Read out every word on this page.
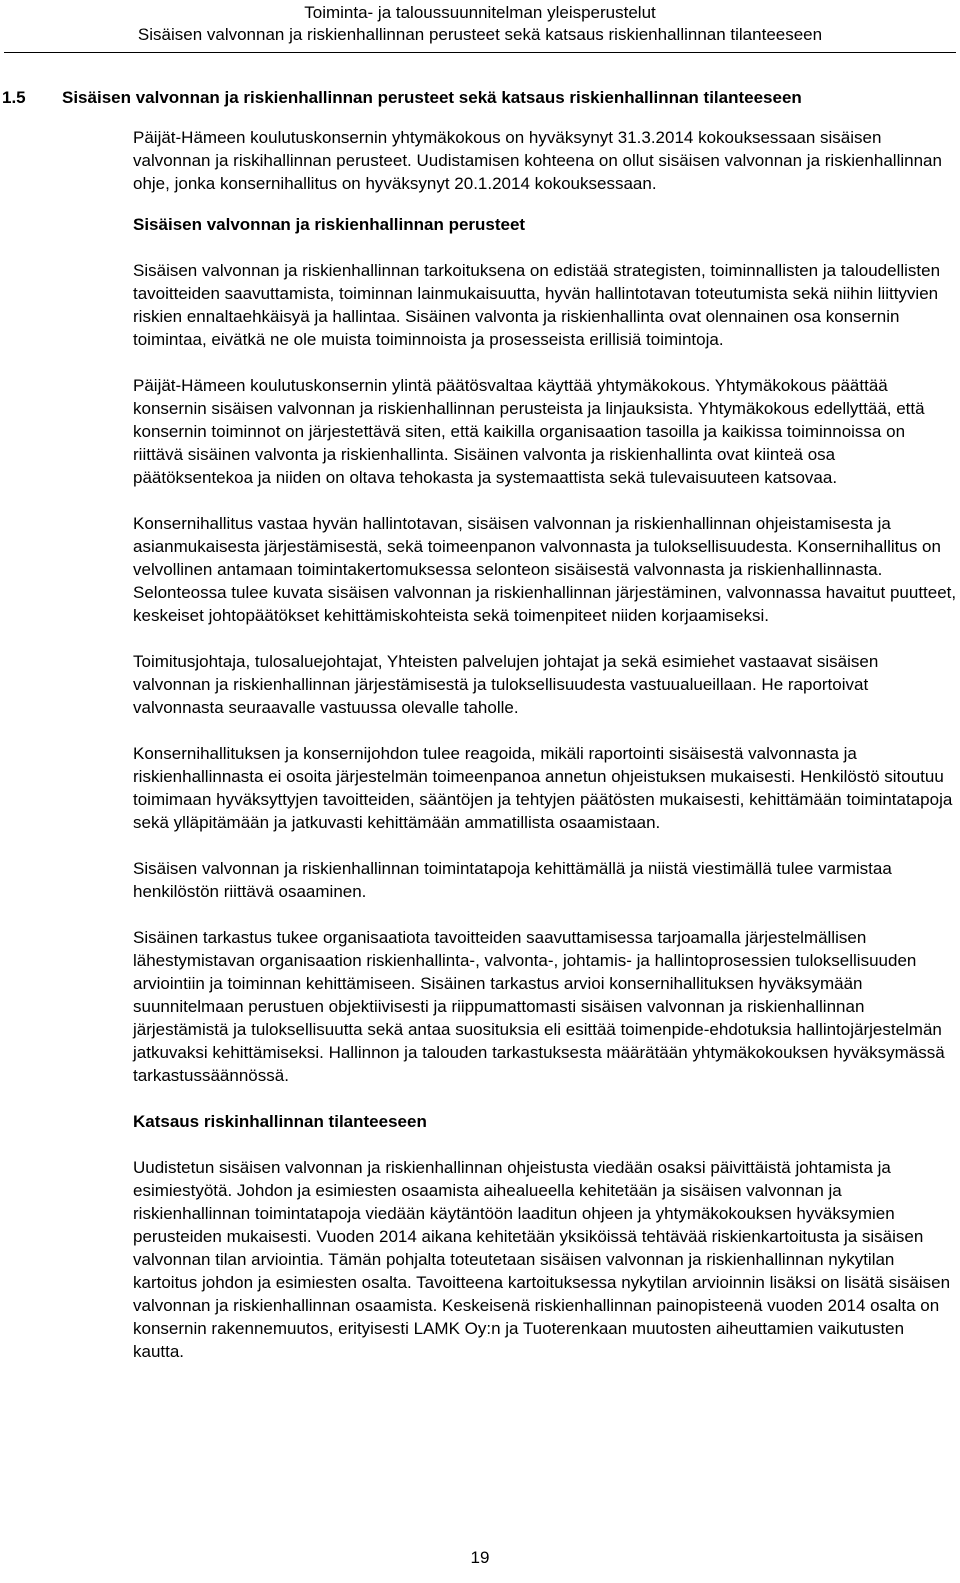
Toiminta- ja taloussuunnitelman yleisperustelut
Sisäisen valvonnan ja riskienhallinnan perusteet sekä katsaus riskienhallinnan tilanteeseen
1.5 Sisäisen valvonnan ja riskienhallinnan perusteet sekä katsaus riskienhallinnan tilanteeseen

Päijät-Hämeen koulutuskonsernin yhtymäkokous on hyväksynyt 31.3.2014 kokouksessaan sisäisen valvonnan ja riskihallinnan perusteet. Uudistamisen kohteena on ollut sisäisen valvonnan ja riskienhallinnan ohje, jonka konsernihallitus on hyväksynyt 20.1.2014 kokouksessaan.

Sisäisen valvonnan ja riskienhallinnan perusteet

Sisäisen valvonnan ja riskienhallinnan tarkoituksena on edistää strategisten, toiminnallisten ja taloudellisten tavoitteiden saavuttamista, toiminnan lainmukaisuutta, hyvän hallintotavan toteutumista sekä niihin liittyvien riskien ennaltaehkäisyä ja hallintaa. Sisäinen valvonta ja riskienhallinta ovat olennainen osa konsernin toimintaa, eivätkä ne ole muista toiminnoista ja prosesseista erillisiä toimintoja.

Päijät-Hämeen koulutuskonsernin ylintä päätösvaltaa käyttää yhtymäkokous. Yhtymäkokous päättää konsernin sisäisen valvonnan ja riskienhallinnan perusteista ja linjauksista. Yhtymäkokous edellyttää, että konsernin toiminnot on järjestettävä siten, että kaikilla organisaation tasoilla ja kaikissa toiminnoissa on riittävä sisäinen valvonta ja riskienhallinta. Sisäinen valvonta ja riskienhallinta ovat kiinteä osa päätöksentekoa ja niiden on oltava tehokasta ja systemaattista sekä tulevaisuuteen katsovaa.

Konsernihallitus vastaa hyvän hallintotavan, sisäisen valvonnan ja riskienhallinnan ohjeistamisesta ja asianmukaisesta järjestämisestä, sekä toimeenpanon valvonnasta ja tuloksellisuudesta. Konsernihallitus on velvollinen antamaan toimintakertomuksessa selonteon sisäisestä valvonnasta ja riskienhallinnasta. Selonteossa tulee kuvata sisäisen valvonnan ja riskienhallinnan järjestäminen, valvonnassa havaitut puutteet, keskeiset johtopäätökset kehittämiskohteista sekä toimenpiteet niiden korjaamiseksi.

Toimitusjohtaja, tulosaluejohtajat, Yhteisten palvelujen johtajat ja sekä esimiehet vastaavat sisäisen valvonnan ja riskienhallinnan järjestämisestä ja tuloksellisuudesta vastuualueillaan. He raportoivat valvonnasta seuraavalle vastuussa olevalle taholle.

Konsernihallituksen ja konsernijohdon tulee reagoida, mikäli raportointi sisäisestä valvonnasta ja riskienhallinnasta ei osoita järjestelmän toimeenpanoa annetun ohjeistuksen mukaisesti. Henkilöstö sitoutuu toimimaan hyväksyttyjen tavoitteiden, sääntöjen ja tehtyjen päätösten mukaisesti, kehittämään toimintatapoja sekä ylläpitämään ja jatkuvasti kehittämään ammatillista osaamistaan.

Sisäisen valvonnan ja riskienhallinnan toimintatapoja kehittämällä ja niistä viestimällä tulee varmistaa henkilöstön riittävä osaaminen.

Sisäinen tarkastus tukee organisaatiota tavoitteiden saavuttamisessa tarjoamalla järjestelmällisen lähestymistavan organisaation riskienhallinta-, valvonta-, johtamis- ja hallintoprosessien tuloksellisuuden arviointiin ja toiminnan kehittämiseen. Sisäinen tarkastus arvioi konsernihallituksen hyväksymään suunnitelmaan perustuen objektiivisesti ja riippumattomasti sisäisen valvonnan ja riskienhallinnan järjestämistä ja tuloksellisuutta sekä antaa suosituksia eli esittää toimenpide-ehdotuksia hallintojärjestelmän jatkuvaksi kehittämiseksi. Hallinnon ja talouden tarkastuksesta määrätään yhtymäkokouksen hyväksymässä tarkastussäännössä.

Katsaus riskinhallinnan tilanteeseen

Uudistetun sisäisen valvonnan ja riskienhallinnan ohjeistusta viedään osaksi päivittäistä johtamista ja esimiestyötä. Johdon ja esimiesten osaamista aihealueella kehitetään ja sisäisen valvonnan ja riskienhallinnan toimintatapoja viedään käytäntöön laaditun ohjeen ja yhtymäkokouksen hyväksymien perusteiden mukaisesti. Vuoden 2014 aikana kehitetään yksiköissä tehtävää riskienkartoitusta ja sisäisen valvonnan tilan arviointia. Tämän pohjalta toteutetaan sisäisen valvonnan ja riskienhallinnan nykytilan kartoitus johdon ja esimiesten osalta. Tavoitteena kartoituksessa nykytilan arvioinnin lisäksi on lisätä sisäisen valvonnan ja riskienhallinnan osaamista. Keskeisenä riskienhallinnan painopisteenä vuoden 2014 osalta on konsernin rakennemuutos, erityisesti LAMK Oy:n ja Tuoterenkaan muutosten aiheuttamien vaikutusten kautta.

19
